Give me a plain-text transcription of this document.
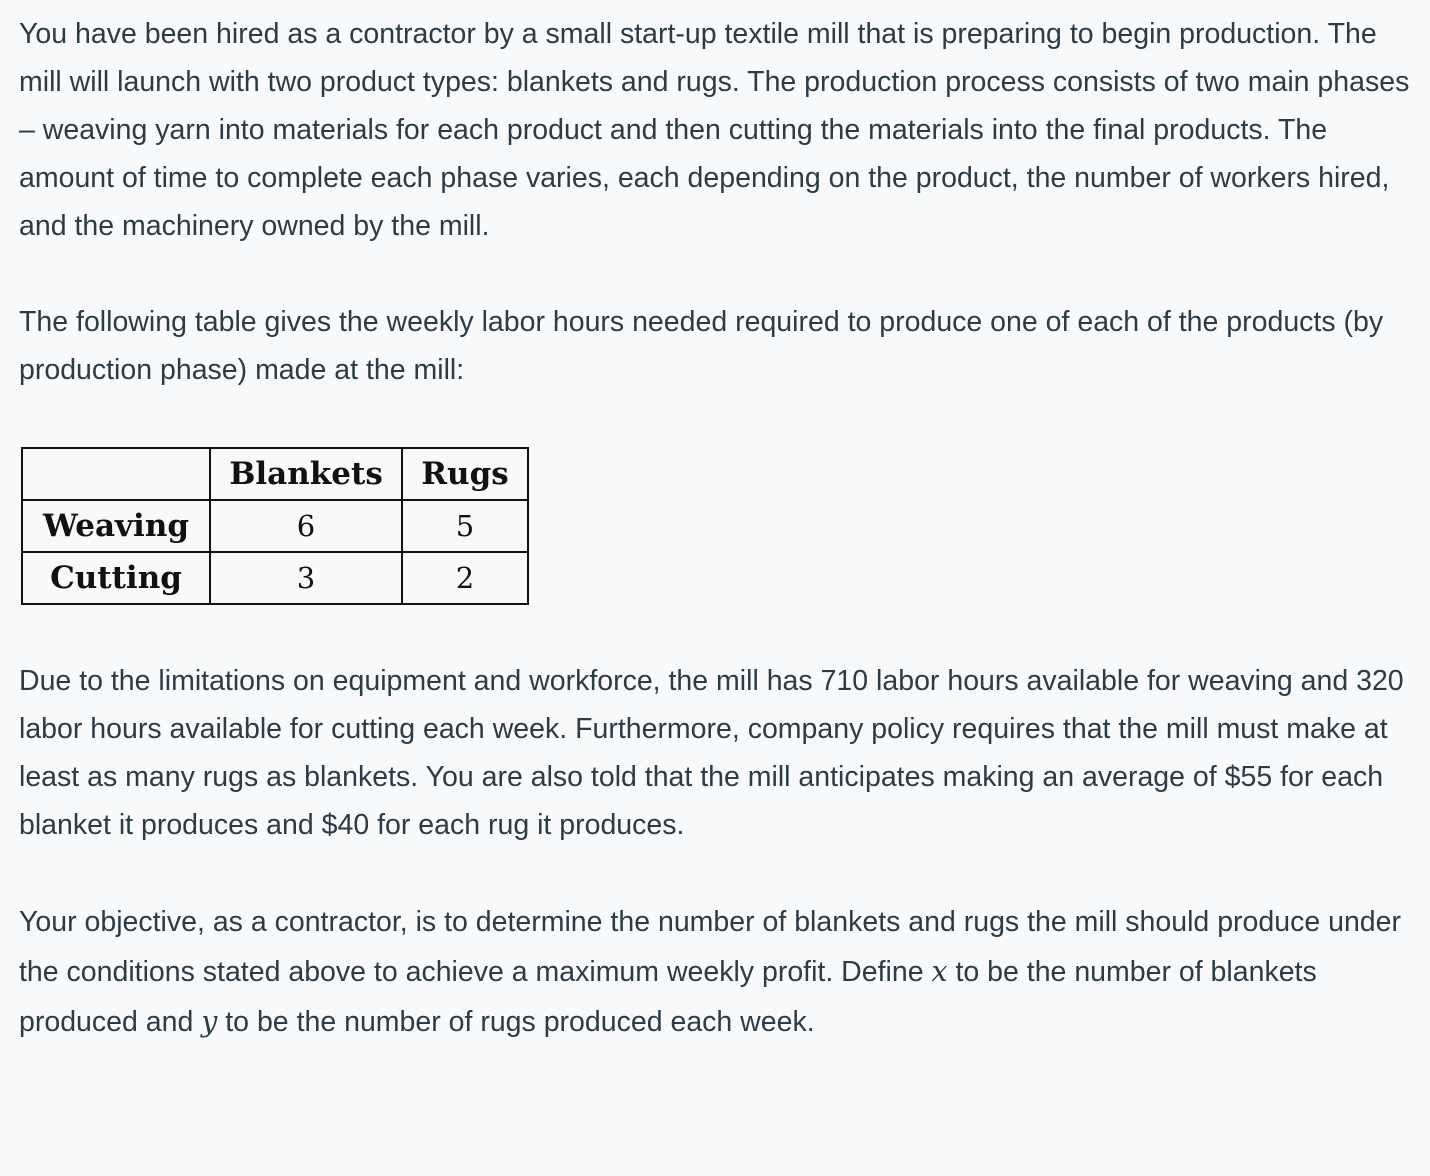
You have been hired as a contractor by a small start-up textile mill that is preparing to begin production. The mill will launch with two product types: blankets and rugs. The production process consists of two main phases – weaving yarn into materials for each product and then cutting the materials into the final products. The amount of time to complete each phase varies, each depending on the product, the number of workers hired, and the machinery owned by the mill.

The following table gives the weekly labor hours needed required to produce one of each of the products (by production phase) made at the mill:

	Blankets	Rugs
Weaving	6	5
Cutting	3	2

Due to the limitations on equipment and workforce, the mill has 710 labor hours available for weaving and 320 labor hours available for cutting each week. Furthermore, company policy requires that the mill must make at least as many rugs as blankets. You are also told that the mill anticipates making an average of $55 for each blanket it produces and $40 for each rug it produces.

Your objective, as a contractor, is to determine the number of blankets and rugs the mill should produce under the conditions stated above to achieve a maximum weekly profit. Define x to be the number of blankets produced and y to be the number of rugs produced each week.
